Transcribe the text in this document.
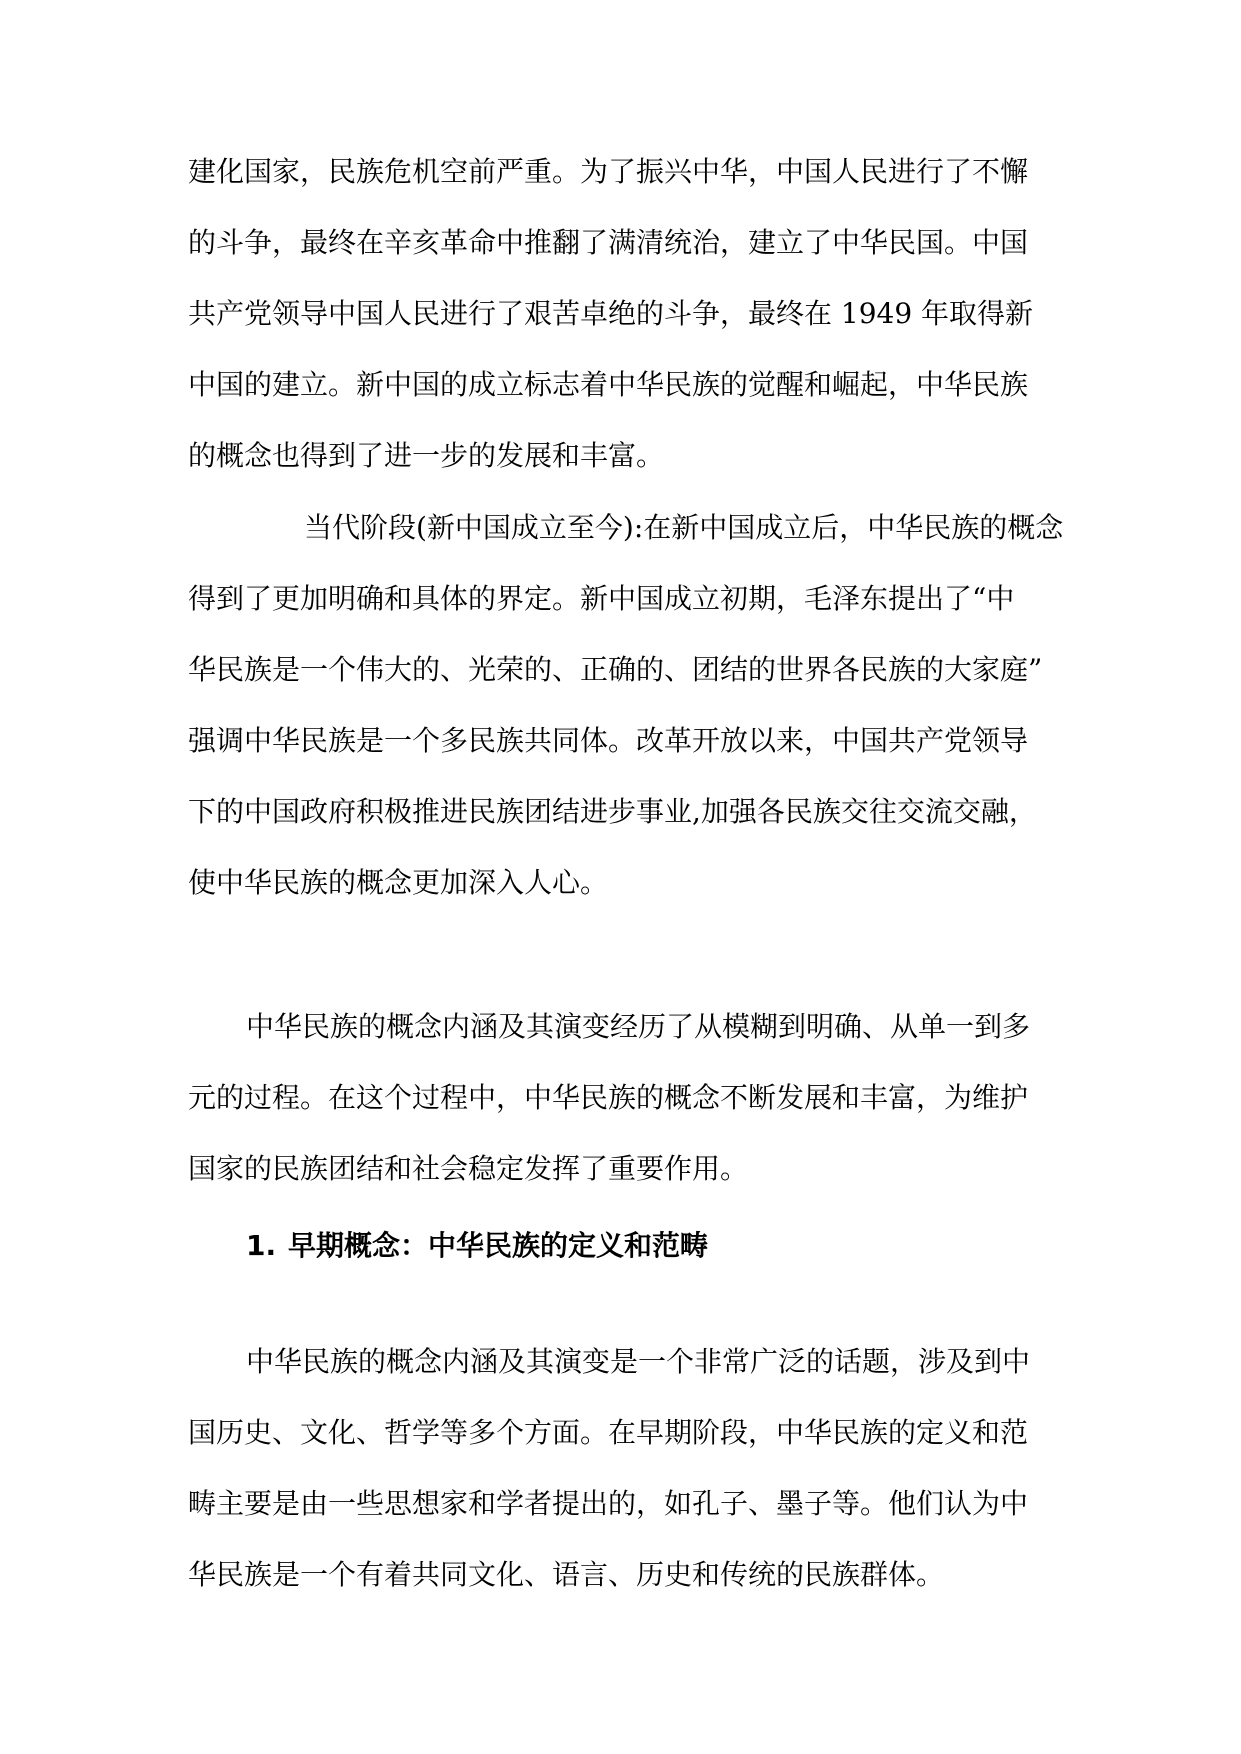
建化国家，民族危机空前严重。为了振兴中华，中国人民进行了不懈
的斗争，最终在辛亥革命中推翻了满清统治，建立了中华民国。中国
共产党领导中国人民进行了艰苦卓绝的斗争，最终在 1949 年取得新
中国的建立。新中国的成立标志着中华民族的觉醒和崛起，中华民族
的概念也得到了进一步的发展和丰富。
当代阶段(新中国成立至今):在新中国成立后，中华民族的概念
得到了更加明确和具体的界定。新中国成立初期，毛泽东提出了“中
华民族是一个伟大的、光荣的、正确的、团结的世界各民族的大家庭”
强调中华民族是一个多民族共同体。改革开放以来，中国共产党领导
下的中国政府积极推进民族团结进步事业,加强各民族交往交流交融，
使中华民族的概念更加深入人心。
中华民族的概念内涵及其演变经历了从模糊到明确、从单一到多
元的过程。在这个过程中，中华民族的概念不断发展和丰富，为维护
国家的民族团结和社会稳定发挥了重要作用。

1. 早期概念：中华民族的定义和范畴

中华民族的概念内涵及其演变是一个非常广泛的话题，涉及到中
国历史、文化、哲学等多个方面。在早期阶段，中华民族的定义和范
畴主要是由一些思想家和学者提出的，如孔子、墨子等。他们认为中
华民族是一个有着共同文化、语言、历史和传统的民族群体。
